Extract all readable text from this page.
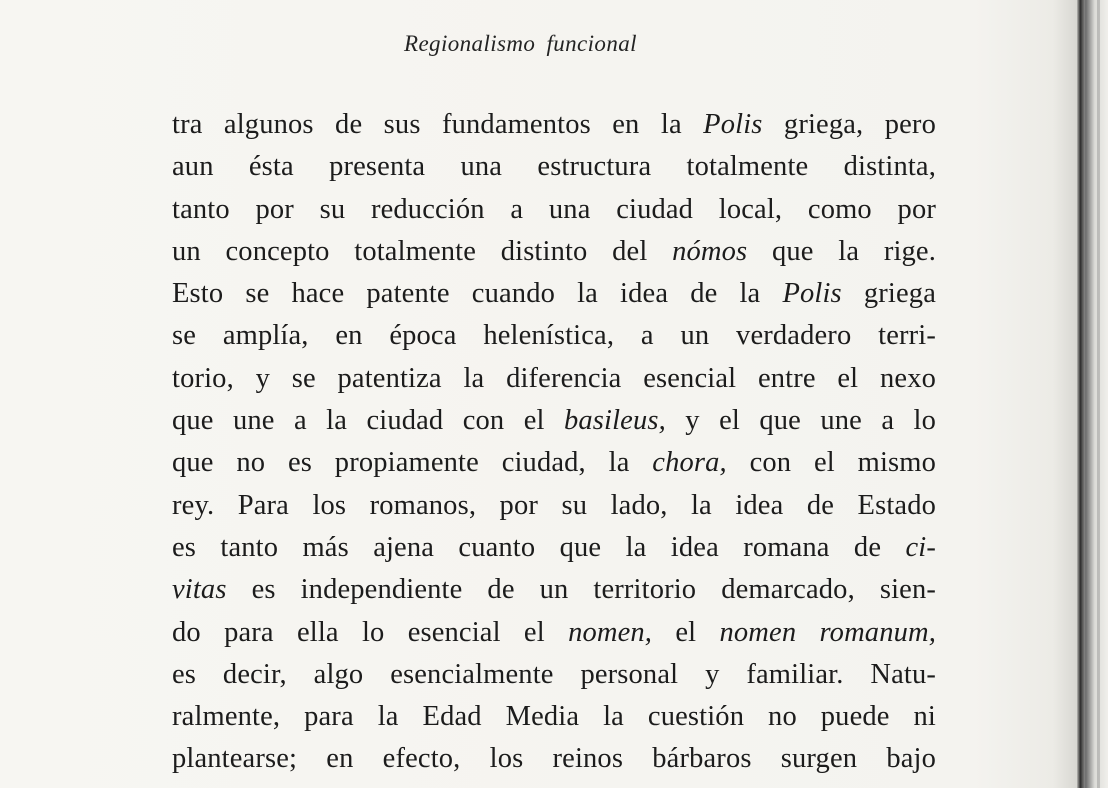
Regionalismo funcional
tra algunos de sus fundamentos en la Polis griega, pero
aun ésta presenta una estructura totalmente distinta,
tanto por su reducción a una ciudad local, como por
un concepto totalmente distinto del nómos que la rige.
Esto se hace patente cuando la idea de la Polis griega
se amplía, en época helenística, a un verdadero terri-
torio, y se patentiza la diferencia esencial entre el nexo
que une a la ciudad con el basileus, y el que une a lo
que no es propiamente ciudad, la chora, con el mismo
rey. Para los romanos, por su lado, la idea de Estado
es tanto más ajena cuanto que la idea romana de ci-
vitas es independiente de un territorio demarcado, sien-
do para ella lo esencial el nomen, el nomen romanum,
es decir, algo esencialmente personal y familiar. Natu-
ralmente, para la Edad Media la cuestión no puede ni
plantearse; en efecto, los reinos bárbaros surgen bajo
